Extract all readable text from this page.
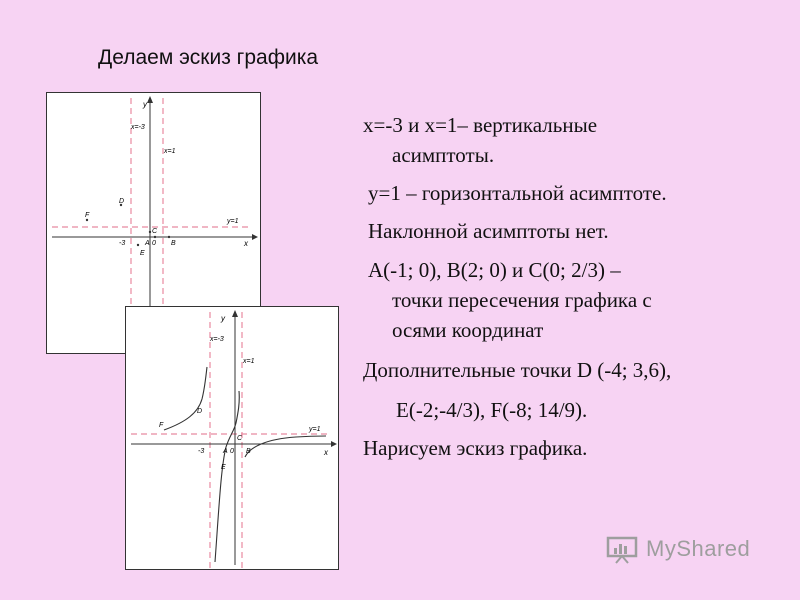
Делаем эскиз графика
y
x
x=-3
x=1
y=1
-3	A 0 B
C
D
E
F
y
x
x=-3
x=1
y=1
-3	A 0 B
C
D
E
F
x=-3 и x=1– вертикальные
асимптоты.
y=1 – горизонтальной асимптоте.
Наклонной асимптоты нет.
A(-1; 0), B(2; 0) и C(0; 2/3) –
точки пересечения графика с
осями координат
Дополнительные точки D (-4; 3,6),
E(-2;-4/3), F(-8; 14/9).
Нарисуем эскиз графика.
MyShared
